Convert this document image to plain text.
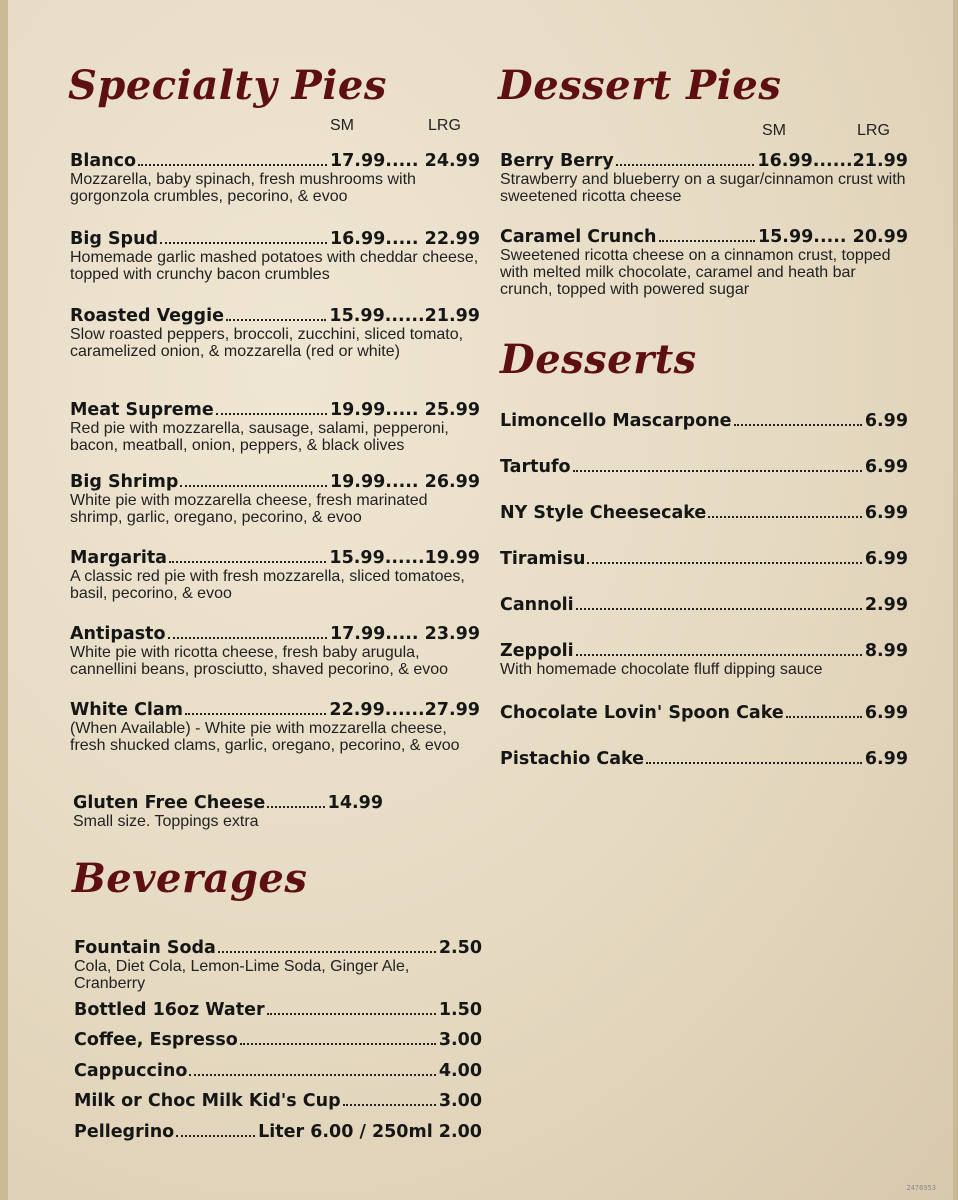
Specialty Pies
SM	LRG
Blanco	17.99..... 24.99
Mozzarella, baby spinach, fresh mushrooms with gorgonzola crumbles, pecorino, & evoo
Big Spud	16.99..... 22.99
Homemade garlic mashed potatoes with cheddar cheese, topped with crunchy bacon crumbles
Roasted Veggie	15.99......21.99
Slow roasted peppers, broccoli, zucchini, sliced tomato, caramelized onion, & mozzarella (red or white)
Meat Supreme	19.99..... 25.99
Red pie with mozzarella, sausage, salami, pepperoni, bacon, meatball, onion, peppers, & black olives
Big Shrimp	19.99..... 26.99
White pie with mozzarella cheese, fresh marinated shrimp, garlic, oregano, pecorino, & evoo
Margarita	15.99......19.99
A classic red pie with fresh mozzarella, sliced tomatoes, basil, pecorino, & evoo
Antipasto	17.99..... 23.99
White pie with ricotta cheese, fresh baby arugula, cannellini beans, prosciutto, shaved pecorino, & evoo
White Clam	22.99......27.99
(When Available) - White pie with mozzarella cheese, fresh shucked clams, garlic, oregano, pecorino, & evoo
Gluten Free Cheese	14.99
Small size. Toppings extra
Beverages
Fountain Soda	2.50
Cola, Diet Cola, Lemon-Lime Soda, Ginger Ale, Cranberry
Bottled 16oz Water	1.50
Coffee, Espresso	3.00
Cappuccino	4.00
Milk or Choc Milk Kid's Cup	3.00
Pellegrino	Liter 6.00 / 250ml 2.00
Dessert Pies
SM	LRG
Berry Berry	16.99......21.99
Strawberry and blueberry on a sugar/cinnamon crust with sweetened ricotta cheese
Caramel Crunch	15.99..... 20.99
Sweetened ricotta cheese on a cinnamon crust, topped with melted milk chocolate, caramel and heath bar crunch, topped with powered sugar
Desserts
Limoncello Mascarpone	6.99
Tartufo	6.99
NY Style Cheesecake	6.99
Tiramisu	6.99
Cannoli	2.99
Zeppoli	8.99
With homemade chocolate fluff dipping sauce
Chocolate Lovin' Spoon Cake	6.99
Pistachio Cake	6.99
2476953
